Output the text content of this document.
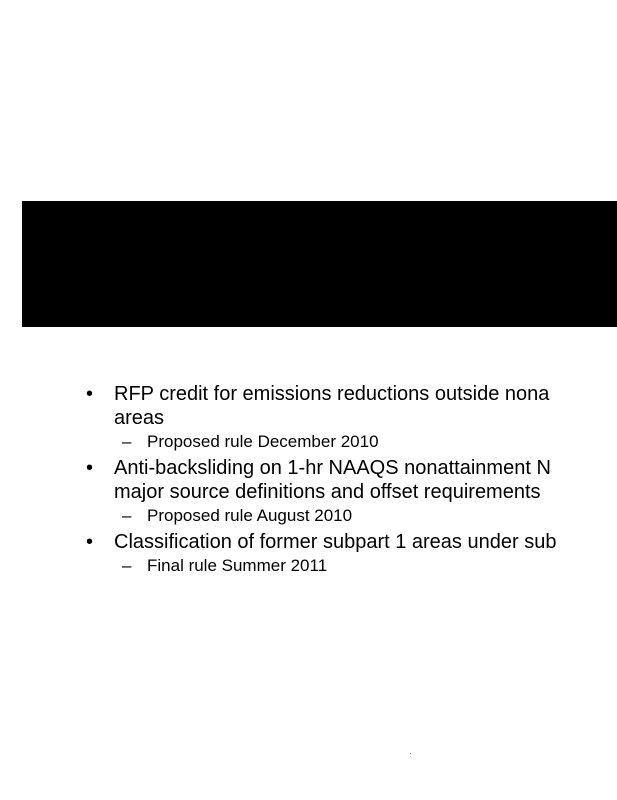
• RFP credit for emissions reductions outside nona
areas
– Proposed rule December 2010
• Anti-backsliding on 1-hr NAAQS nonattainment N
major source definitions and offset requirements
– Proposed rule August 2010
• Classification of former subpart 1 areas under sub
– Final rule Summer 2011
